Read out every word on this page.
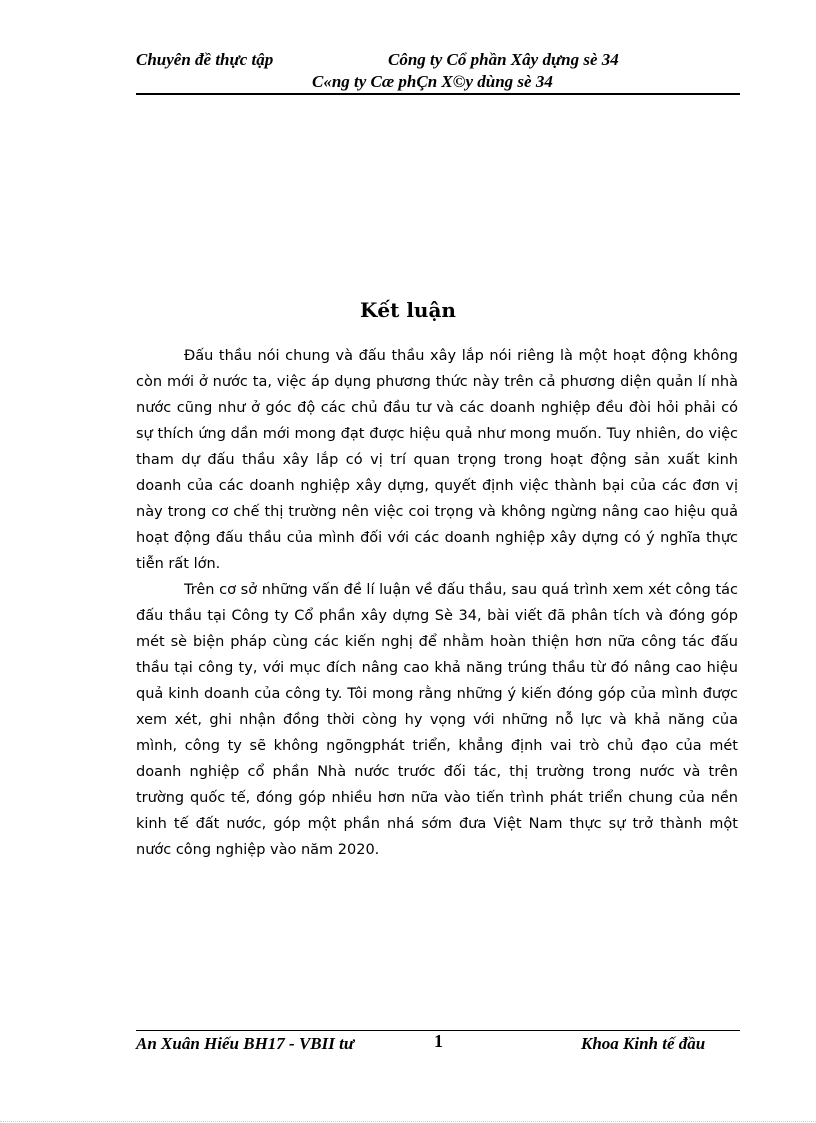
Chuyên đề thực tập	Công ty Cổ phần Xây dựng sè 34
C«ng ty Cæ phÇn X©y dùng sè 34
Kết luận

Đấu thầu nói chung và đấu thầu xây lắp nói riêng là một hoạt động không còn mới ở nước ta, việc áp dụng phương thức này trên cả phương diện quản lí nhà nước cũng như ở góc độ các chủ đầu tư và các doanh nghiệp đều đòi hỏi phải có sự thích ứng dần mới mong đạt được hiệu quả như mong muốn. Tuy nhiên, do việc tham dự đấu thầu xây lắp có vị trí quan trọng trong hoạt động sản xuất kinh doanh của các doanh nghiệp xây dựng, quyết định việc thành bại của các đơn vị này trong cơ chế thị trường nên việc coi trọng và không ngừng nâng cao hiệu quả hoạt động đấu thầu của mình đối với các doanh nghiệp xây dựng có ý nghĩa thực tiễn rất lớn.

Trên cơ sở những vấn đề lí luận về đấu thầu, sau quá trình xem xét công tác đấu thầu tại Công ty Cổ phần xây dựng Sè 34, bài viết đã phân tích và đóng góp mét sè biện pháp cùng các kiến nghị để nhằm hoàn thiện hơn nữa công tác đấu thầu tại công ty, với mục đích nâng cao khả năng trúng thầu từ đó nâng cao hiệu quả kinh doanh của công ty. Tôi mong rằng những ý kiến đóng góp của mình được xem xét, ghi nhận đồng thời còng hy vọng với những nỗ lực và khả năng của mình, công ty sẽ không ngõngphát triển, khẳng định vai trò chủ đạo của mét doanh nghiệp cổ phần Nhà nước trước đối tác, thị trường trong nước và trên trường quốc tế, đóng góp nhiều hơn nữa vào tiến trình phát triển chung của nền kinh tế đất nước, góp một phần nhá sớm đưa Việt Nam thực sự trở thành một nước công nghiệp vào năm 2020.

An Xuân Hiếu BH17 - VBII tư	1	Khoa Kinh tế đầu
